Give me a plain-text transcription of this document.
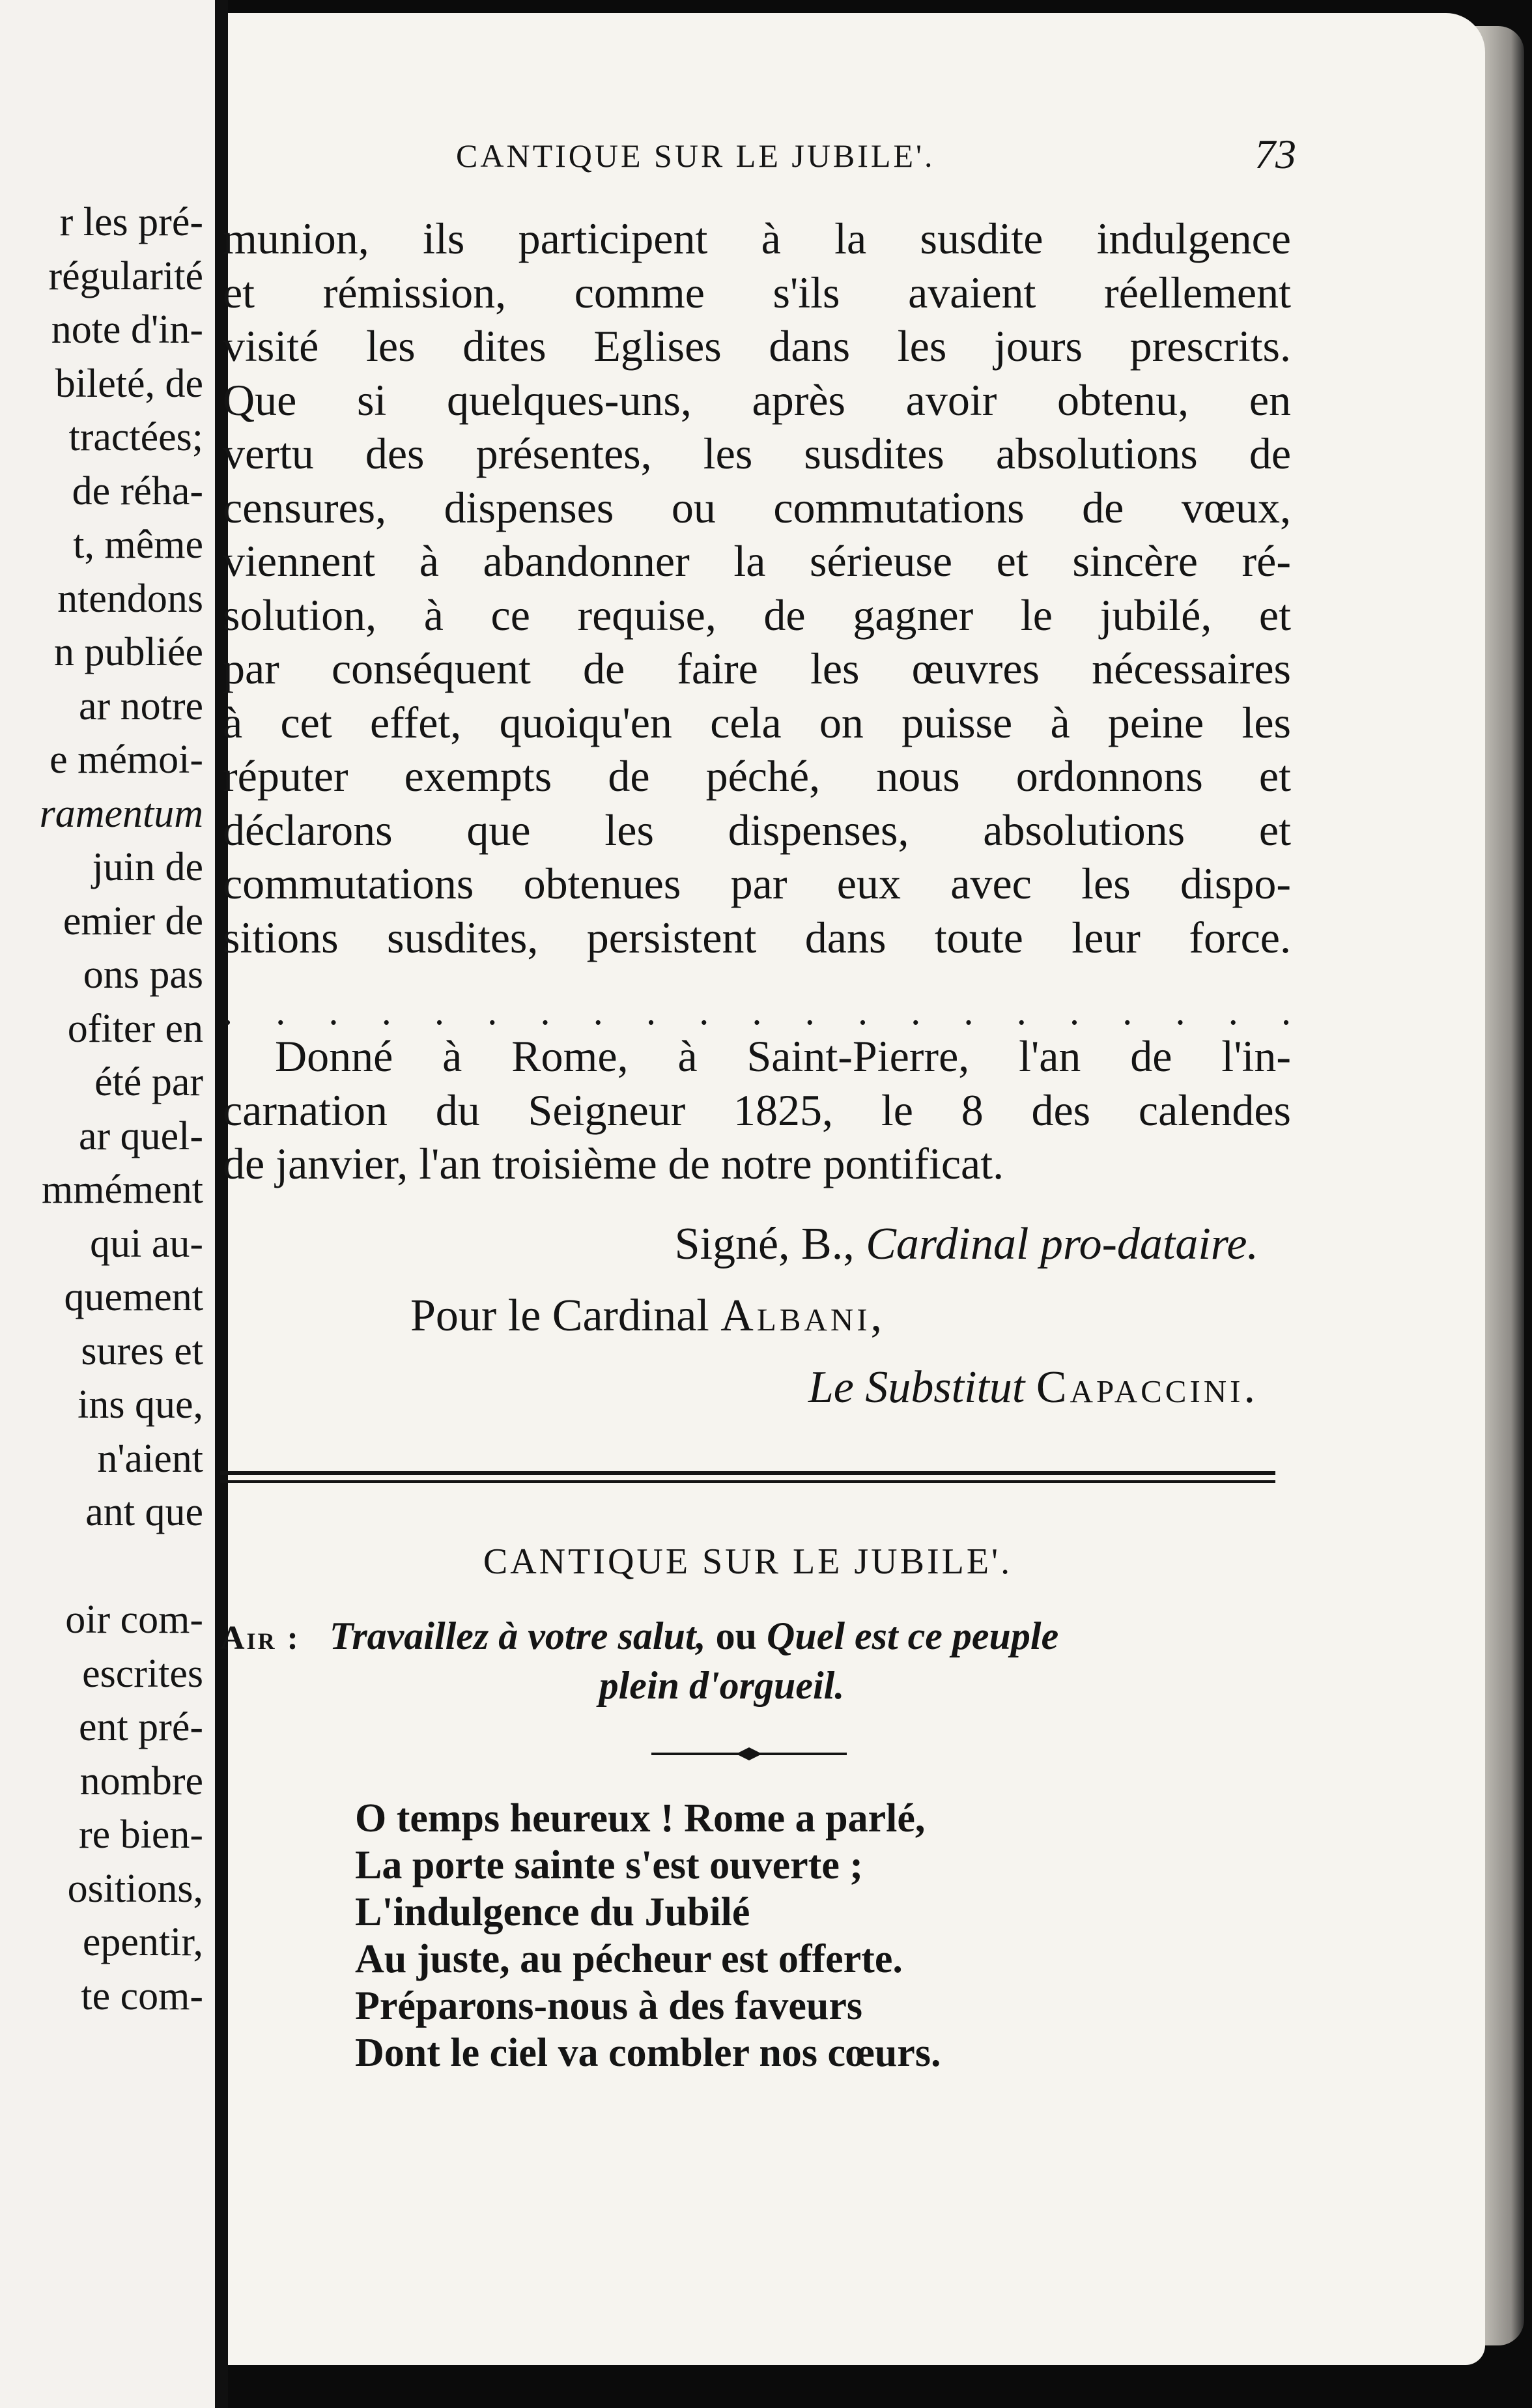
r les pré-
régularité
note d'in-
bileté, de
tractées;
de réha-
t, même
ntendons
n publiée
ar notre
e mémoi-
ramentum
juin de
emier de
ons pas
ofiter en
été par
ar quel-
mmément
qui au-
quement
sures et
ins que,
n'aient
ant que
oir com-
escrites
ent pré-
nombre
re bien-
ositions,
epentir,
te com-
CANTIQUE SUR LE JUBILE'.	73
munion, ils participent à la susdite indulgence
et rémission, comme s'ils avaient réellement
visité les dites Eglises dans les jours prescrits.
Que si quelques-uns, après avoir obtenu, en
vertu des présentes, les susdites absolutions de
censures, dispenses ou commutations de vœux,
viennent à abandonner la sérieuse et sincère ré-
solution, à ce requise, de gagner le jubilé, et
par conséquent de faire les œuvres nécessaires
à cet effet, quoiqu'en cela on puisse à peine les
réputer exempts de péché, nous ordonnons et
déclarons que les dispenses, absolutions et
commutations obtenues par eux avec les dispo-
sitions susdites, persistent dans toute leur force.
. . . . . . . . . . . . . . . . . . . . .
Donné à Rome, à Saint-Pierre, l'an de l'in-
carnation du Seigneur 1825, le 8 des calendes
de janvier, l'an troisième de notre pontificat.
Signé, B., Cardinal pro-dataire.
Pour le Cardinal Albani,
Le Substitut Capaccini.
CANTIQUE SUR LE JUBILE'.
Air : Travaillez à votre salut, ou Quel est ce peuple
plein d'orgueil.
O temps heureux ! Rome a parlé,
La porte sainte s'est ouverte ;
L'indulgence du Jubilé
Au juste, au pécheur est offerte.
Préparons-nous à des faveurs
Dont le ciel va combler nos cœurs.
